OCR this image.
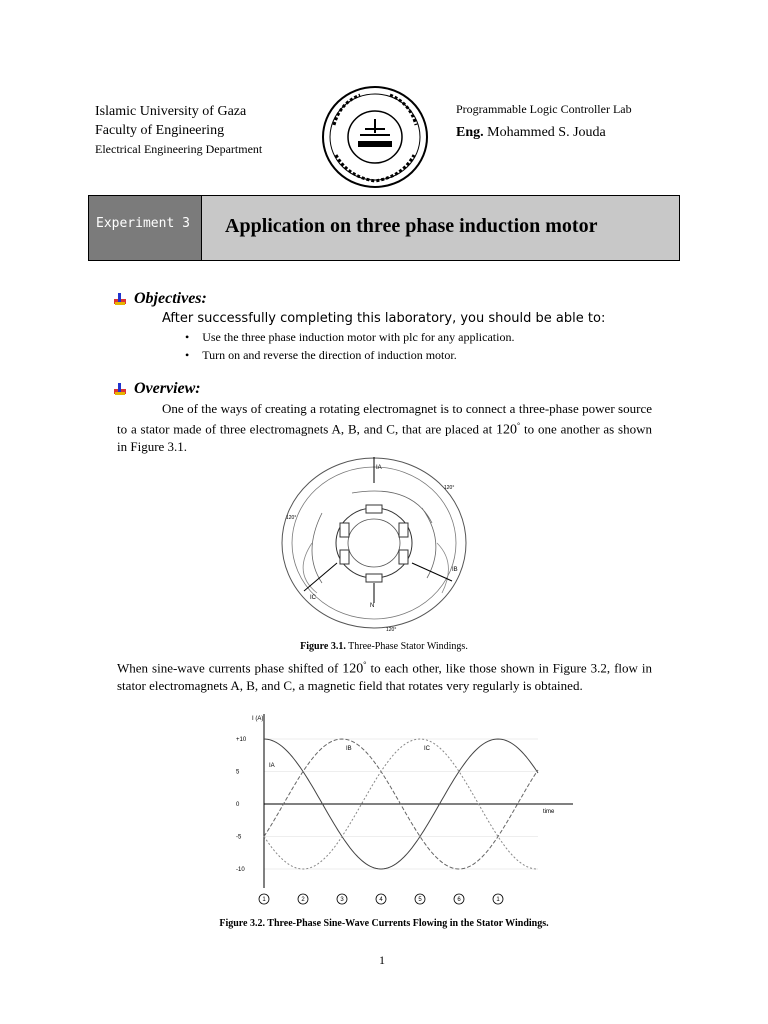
Islamic University of Gaza
Faculty of Engineering
Electrical Engineering Department
Programmable Logic Controller Lab
Eng. Mohammed S. Jouda
Experiment 3	Application on three phase induction motor
Objectives:
After successfully completing this laboratory, you should be able to:
• Use the three phase induction motor with plc for any application.
• Turn on and reverse the direction of induction motor.
Overview:
One of the ways of creating a rotating electromagnet is to connect a three-phase power source to a stator made of three electromagnets A, B, and C, that are placed at 120° to one another as shown in Figure 3.1.
IA
IB
IC
N
120°
120°
120°
Figure 3.1. Three-Phase Stator Windings.
When sine-wave currents phase shifted of 120° to each other, like those shown in Figure 3.2, flow in stator electromagnets A, B, and C, a magnetic field that rotates very regularly is obtained.
I (A)
time
IA
IB	IC
+10
5
0
-5
-10
1	2	3	4	5	6	1
Figure 3.2. Three-Phase Sine-Wave Currents Flowing in the Stator Windings.
1
